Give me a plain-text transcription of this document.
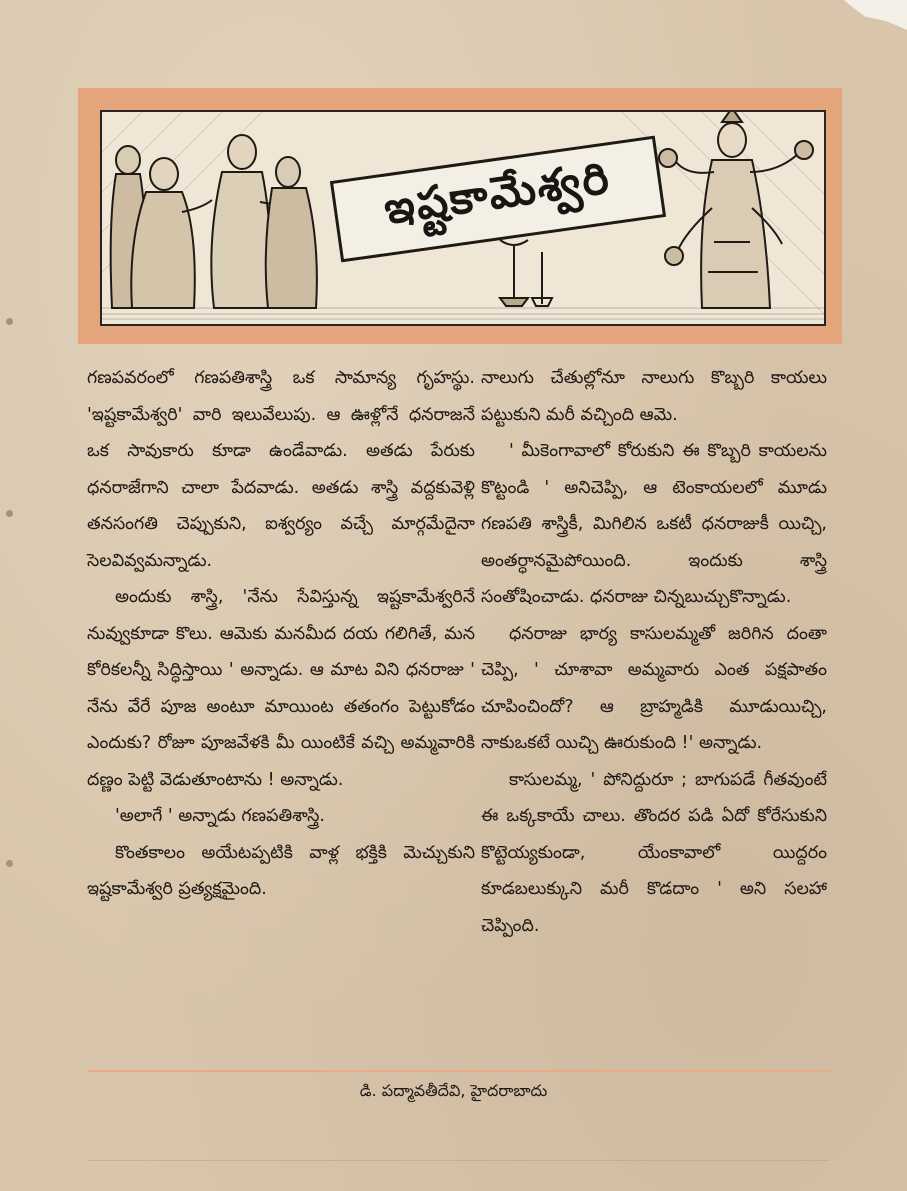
ఇష్టకామేశ్వరి

గణపవరంలో గణపతిశాస్త్రి ఒక సామాన్య గృహస్థు. 'ఇష్టకామేశ్వరి' వారి ఇలువేలుపు. ఆ ఊళ్లోనే ధనరాజనే ఒక సావుకారు కూడా ఉండేవాడు. అతడు పేరుకు ధనరాజేగాని చాలా పేదవాడు. అతడు శాస్త్రి వద్దకువెళ్లి తనసంగతి చెప్పుకుని, ఐశ్వర్యం వచ్చే మార్గమేదైనా సెలవివ్వమన్నాడు.

అందుకు శాస్త్రి, 'నేను సేవిస్తున్న ఇష్టకామేశ్వరినే నువ్వుకూడా కొలు. ఆమెకు మనమీద దయ గలిగితే, మన కోరికలన్నీ సిద్ధిస్తాయి ' అన్నాడు. ఆ మాట విని ధనరాజు ' నేను వేరే పూజ అంటూ మాయింట తతంగం పెట్టుకోడం ఎందుకు? రోజూ పూజవేళకి మీ యింటికే వచ్చి అమ్మవారికి దణ్ణం పెట్టి వెడుతూంటాను ! అన్నాడు.

'అలాగే ' అన్నాడు గణపతిశాస్త్రి.

కొంతకాలం అయేటప్పటికి వాళ్ల భక్తికి మెచ్చుకుని ఇష్టకామేశ్వరి ప్రత్యక్షమైంది.

నాలుగు చేతుల్లోనూ నాలుగు కొబ్బరి కాయలు పట్టుకుని మరీ వచ్చింది ఆమె.

' మీకెంగావాలో కోరుకుని ఈ కొబ్బరి కాయలను కొట్టండి ' అనిచెప్పి, ఆ టెంకాయలలో మూడు గణపతి శాస్త్రికీ, మిగిలిన ఒకటీ ధనరాజుకీ యిచ్చి, అంతర్ధానమైపోయింది. ఇందుకు శాస్త్రి సంతోషించాడు. ధనరాజు చిన్నబుచ్చుకొన్నాడు.

ధనరాజు భార్య కాసులమ్మతో జరిగిన దంతా చెప్పి, ' చూశావా అమ్మవారు ఎంత పక్షపాతం చూపించిందో? ఆ బ్రాహ్మడికి మూడుయిచ్చి, నాకుఒకటే యిచ్చి ఊరుకుంది !' అన్నాడు.

కాసులమ్మ, ' పోనిద్దురూ ; బాగుపడే గీతవుంటే ఈ ఒక్కకాయే చాలు. తొందర పడి ఏదో కోరేసుకుని కొట్టెయ్యకుండా, యేంకావాలో యిద్దరం కూడబలుక్కుని మరీ కొడదాం ' అని సలహా చెప్పింది.

డి. పద్మావతీదేవి, హైదరాబాదు
